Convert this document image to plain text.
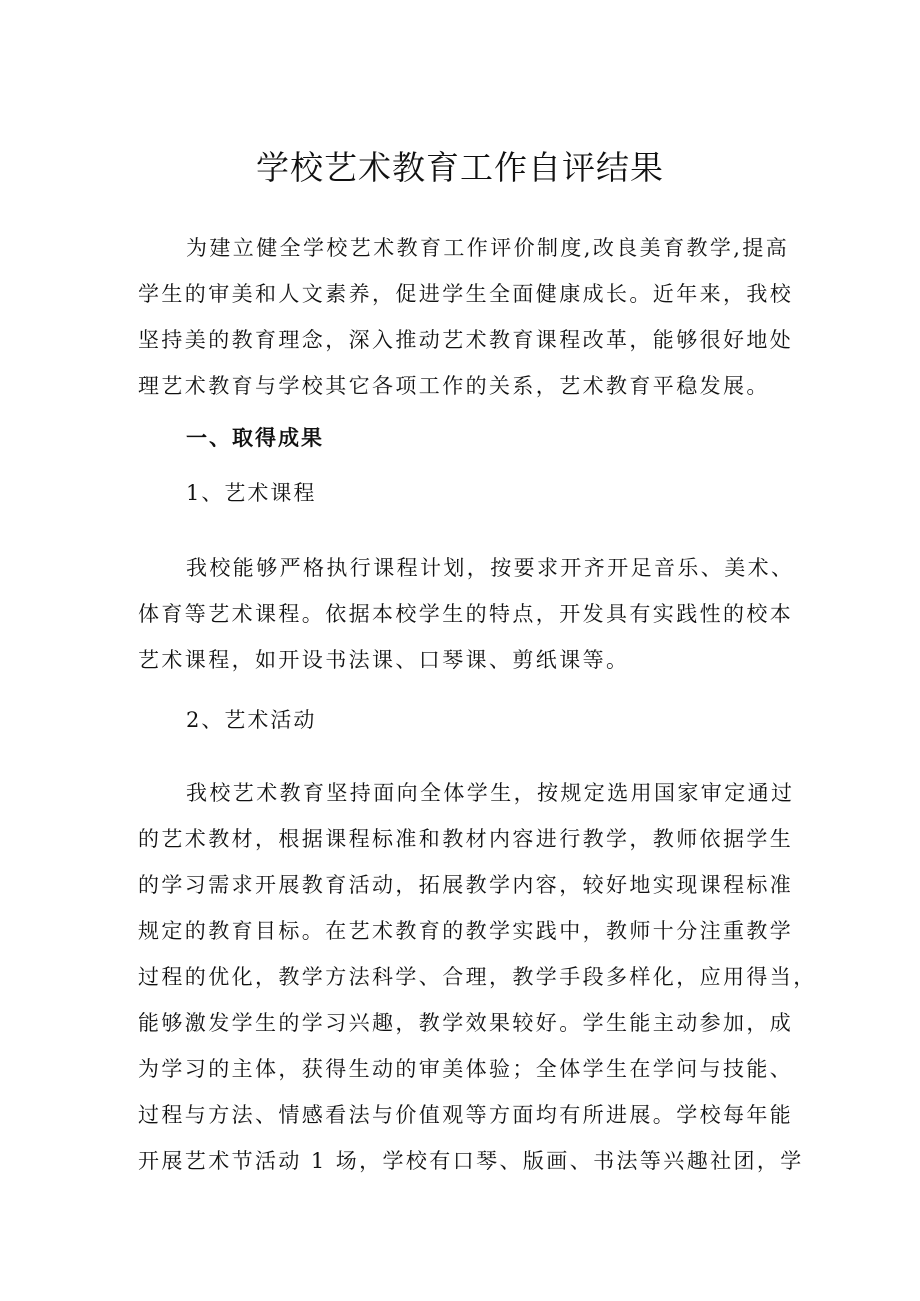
学校艺术教育工作自评结果
为建立健全学校艺术教育工作评价制度,改良美育教学,提高
学生的审美和人文素养，促进学生全面健康成长。近年来，我校
坚持美的教育理念，深入推动艺术教育课程改革，能够很好地处
理艺术教育与学校其它各项工作的关系，艺术教育平稳发展。
一、取得成果
1、艺术课程
我校能够严格执行课程计划，按要求开齐开足音乐、美术、
体育等艺术课程。依据本校学生的特点，开发具有实践性的校本
艺术课程，如开设书法课、口琴课、剪纸课等。
2、艺术活动
我校艺术教育坚持面向全体学生，按规定选用国家审定通过
的艺术教材，根据课程标准和教材内容进行教学，教师依据学生
的学习需求开展教育活动，拓展教学内容，较好地实现课程标准
规定的教育目标。在艺术教育的教学实践中，教师十分注重教学
过程的优化，教学方法科学、合理，教学手段多样化，应用得当，
能够激发学生的学习兴趣，教学效果较好。学生能主动参加，成
为学习的主体，获得生动的审美体验；全体学生在学问与技能、
过程与方法、情感看法与价值观等方面均有所进展。学校每年能
开展艺术节活动 1 场，学校有口琴、版画、书法等兴趣社团，学
